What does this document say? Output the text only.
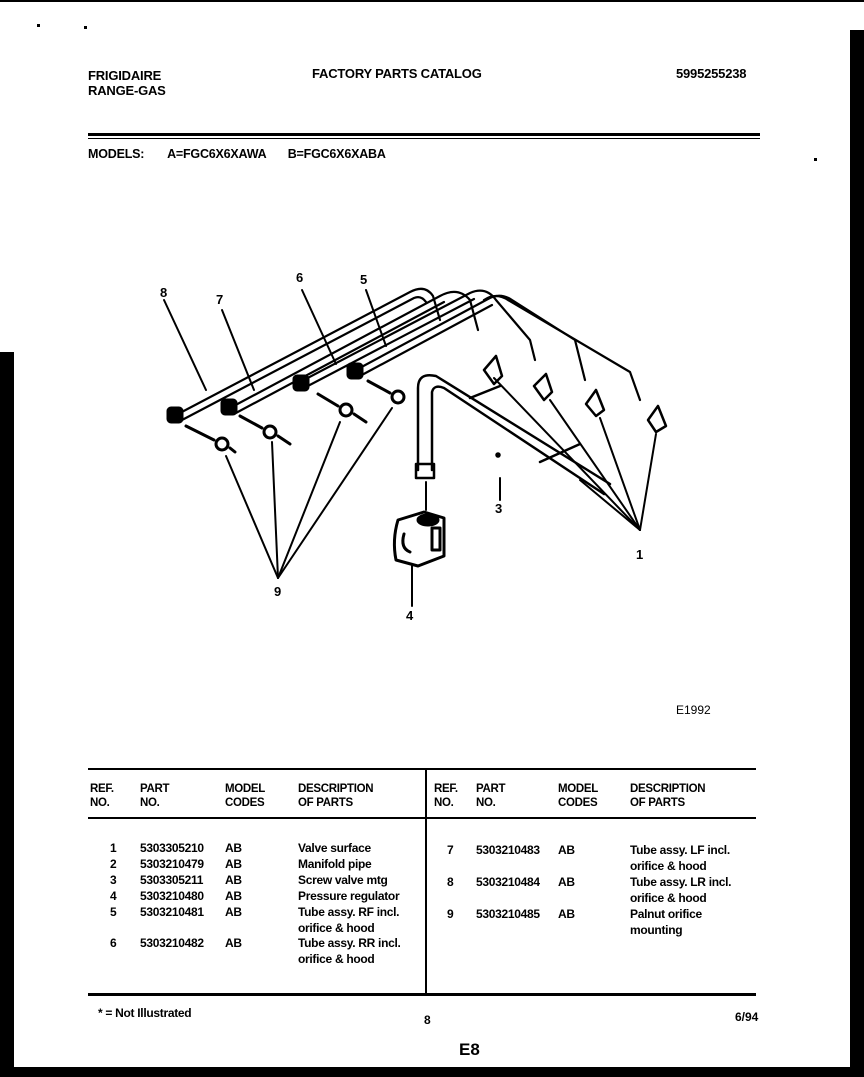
FRIGIDAIRE
RANGE-GAS
FACTORY PARTS CATALOG	5995255238
MODELS: A=FGC6X6XAWA B=FGC6X6XABA
8	7
6	5
3
1
9
4
E1992
REF.
NO.
PART
NO.
MODEL
CODES
DESCRIPTION
OF PARTS
1 5303305210 AB	Valve surface
2 5303210479 AB	Manifold pipe
3 5303305211 AB	Screw valve mtg
4 5303210480 AB	Pressure regulator
5 5303210481 AB	Tube assy. RF incl.
orifice & hood
6 5303210482 AB	Tube assy. RR incl.
orifice & hood
REF.
NO.
PART
NO.
MODEL
CODES
DESCRIPTION
OF PARTS
7 5303210483 AB	Tube assy. LF incl.
orifice & hood
8 5303210484 AB	Tube assy. LR incl.
orifice & hood
9 5303210485 AB	Palnut orifice
mounting
* = Not Illustrated	8	6/94
E8
